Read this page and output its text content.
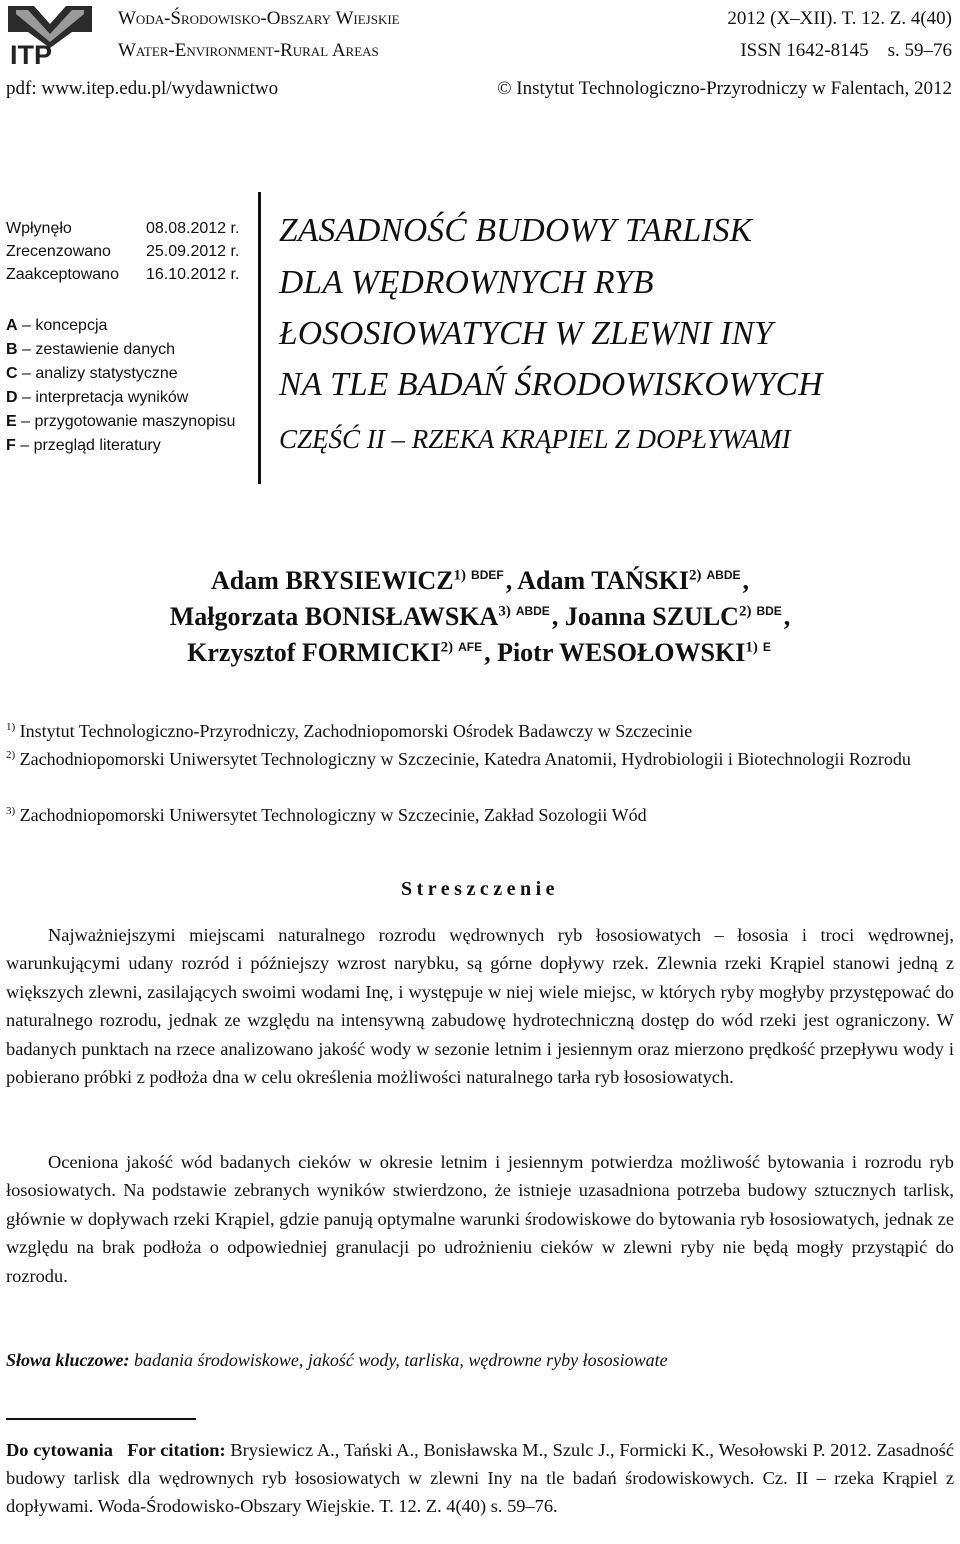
ITP
Woda-Środowisko-Obszary Wiejskie
Water-Environment-Rural Areas
2012 (X–XII). T. 12. Z. 4(40)
ISSN 1642-8145    s. 59–76
pdf: www.itep.edu.pl/wydawnictwo	© Instytut Technologiczno-Przyrodniczy w Falentach, 2012
Wpłynęło	08.08.2012 r.
Zrecenzowano 25.09.2012 r.
Zaakceptowano 16.10.2012 r.
A – koncepcja
B – zestawienie danych
C – analizy statystyczne
D – interpretacja wyników
E – przygotowanie maszynopisu
F – przegląd literatury
ZASADNOŚĆ BUDOWY TARLISK
DLA WĘDROWNYCH RYB
ŁOSOSIOWATYCH W ZLEWNI INY
NA TLE BADAŃ ŚRODOWISKOWYCH
CZĘŚĆ II – RZEKA KRĄPIEL Z DOPŁYWAMI
Adam BRYSIEWICZ$^{1)}$ $^{BDEF}$, Adam TAŃSKI$^{2)}$ $^{ABDE}$,
Małgorzata BONISŁAWSKA$^{3)}$ $^{ABDE}$, Joanna SZULC$^{2)}$ $^{BDE}$,
Krzysztof FORMICKI$^{2)}$ $^{AFE}$, Piotr WESOŁOWSKI$^{1)}$ $^E$
$^{1)}$ Instytut Technologiczno-Przyrodniczy, Zachodniopomorski Ośrodek Badawczy w Szczecinie
$^{2)}$ Zachodniopomorski Uniwersytet Technologiczny w Szczecinie, Katedra Anatomii, Hydrobiologii i Biotechnologii Rozrodu
$^{3)}$ Zachodniopomorski Uniwersytet Technologiczny w Szczecinie, Zakład Sozologii Wód
Streszczenie
Najważniejszymi miejscami naturalnego rozrodu wędrownych ryb łososiowatych – łososia i troci wędrownej, warunkującymi udany rozród i późniejszy wzrost narybku, są górne dopływy rzek. Zlewnia rzeki Krąpiel stanowi jedną z większych zlewni, zasilających swoimi wodami Inę, i występuje w niej wiele miejsc, w których ryby mogłyby przystępować do naturalnego rozrodu, jednak ze względu na intensywną zabudowę hydrotechniczną dostęp do wód rzeki jest ograniczony. W badanych punktach na rzece analizowano jakość wody w sezonie letnim i jesiennym oraz mierzono prędkość przepływu wody i pobierano próbki z podłoża dna w celu określenia możliwości naturalnego tarła ryb łososiowatych.
Oceniona jakość wód badanych cieków w okresie letnim i jesiennym potwierdza możliwość bytowania i rozrodu ryb łososiowatych. Na podstawie zebranych wyników stwierdzono, że istnieje uzasadniona potrzeba budowy sztucznych tarlisk, głównie w dopływach rzeki Krąpiel, gdzie panują optymalne warunki środowiskowe do bytowania ryb łososiowatych, jednak ze względu na brak podłoża o odpowiedniej granulacji po udrożnieniu cieków w zlewni ryby nie będą mogły przystąpić do rozrodu.
Słowa kluczowe: badania środowiskowe, jakość wody, tarliska, wędrowne ryby łososiowate
Do cytowania   For citation: Brysiewicz A., Tański A., Bonisławska M., Szulc J., Formicki K., Wesołowski P. 2012. Zasadność budowy tarlisk dla wędrownych ryb łososiowatych w zlewni Iny na tle badań środowiskowych. Cz. II – rzeka Krąpiel z dopływami. Woda-Środowisko-Obszary Wiejskie. T. 12. Z. 4(40) s. 59–76.
